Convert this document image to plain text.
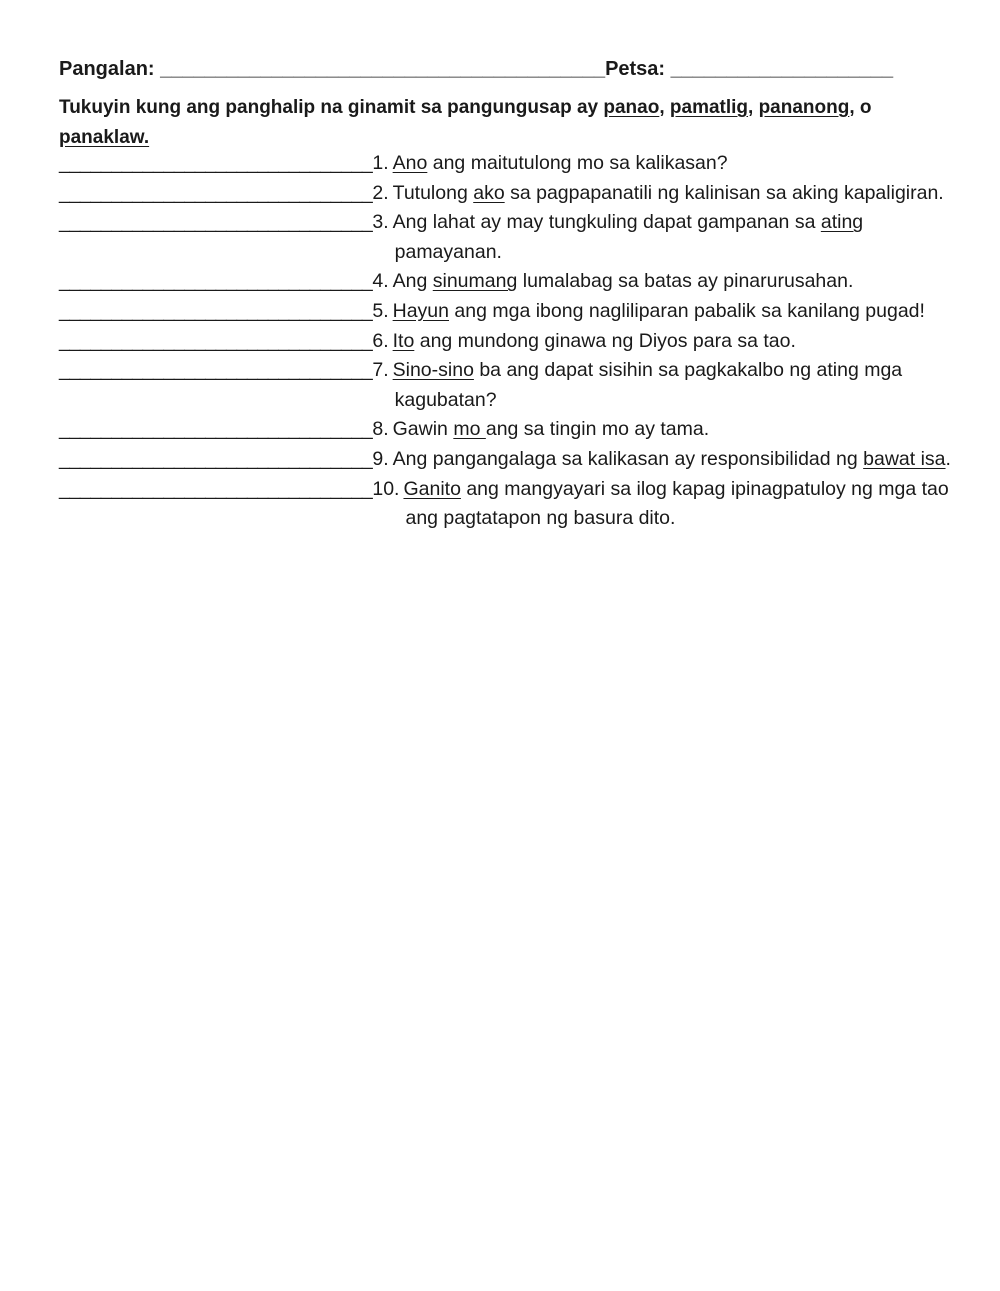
Pangalan: ________________________________________Petsa: ____________________
Tukuyin kung ang panghalip na ginamit sa pangungusap ay panao, pamatlig, pananong, o panaklaw.
______________________________ 1. Ano ang maitutulong mo sa kalikasan?
______________________________ 2. Tutulong ako sa pagpapanatili ng kalinisan sa aking kapaligiran.
______________________________ 3. Ang lahat ay may tungkuling dapat gampanan sa ating
pamayanan.
______________________________ 4. Ang sinumang lumalabag sa batas ay pinarurusahan.
______________________________ 5. Hayun ang mga ibong nagliliparan pabalik sa kanilang pugad!
______________________________ 6. Ito ang mundong ginawa ng Diyos para sa tao.
______________________________ 7. Sino-sino ba ang dapat sisihin sa pagkakalbo ng ating mga
kagubatan?
______________________________ 8. Gawin mo ang sa tingin mo ay tama.
______________________________ 9. Ang pangangalaga sa kalikasan ay responsibilidad ng bawat isa.
______________________________ 10. Ganito ang mangyayari sa ilog kapag ipinagpatuloy ng mga tao
ang pagtatapon ng basura dito.
